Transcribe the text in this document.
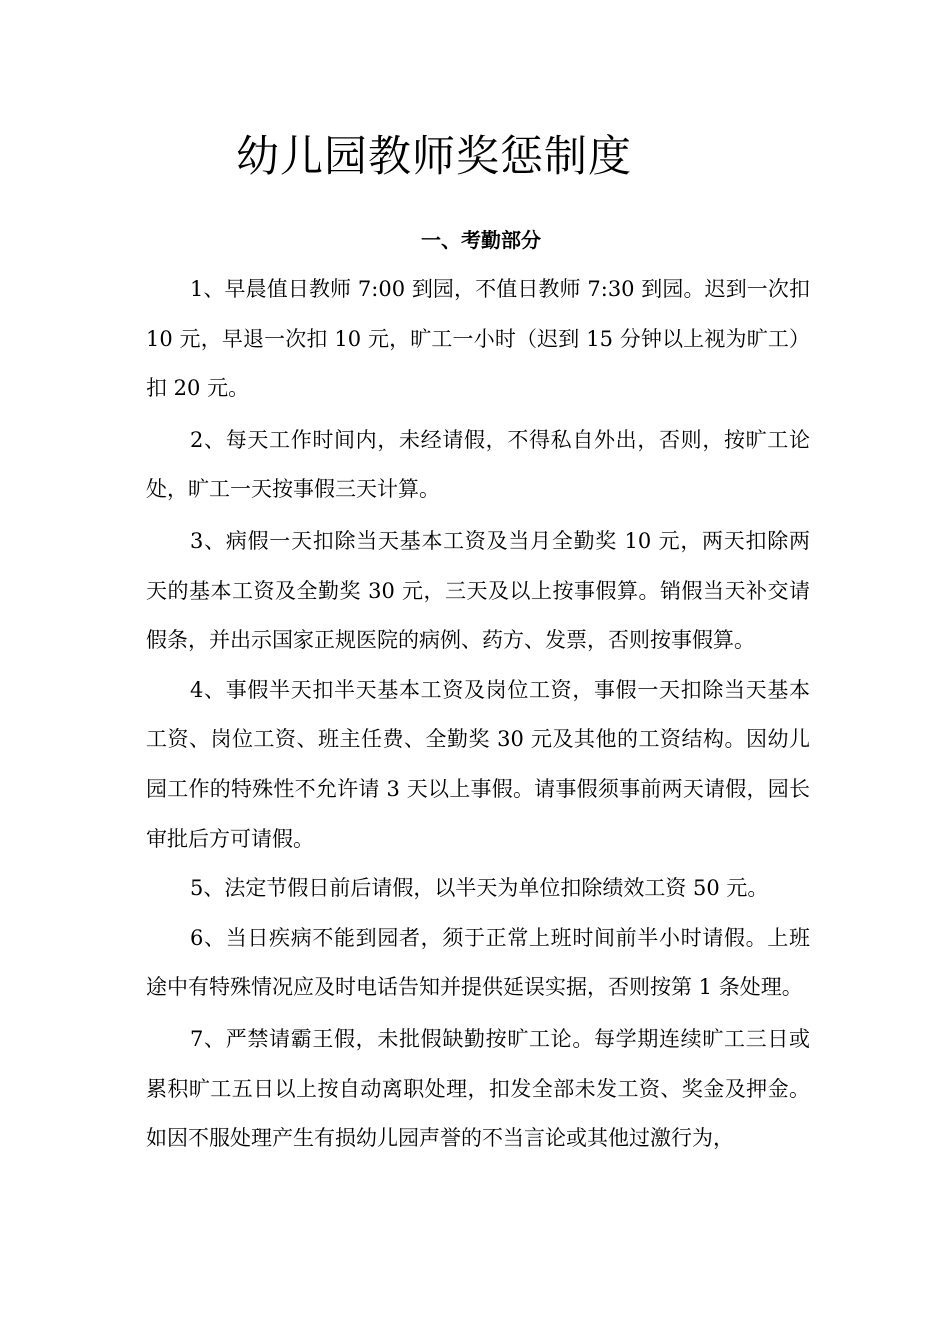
幼儿园教师奖惩制度
一、考勤部分

1、早晨值日教师 7:00 到园，不值日教师 7:30 到园。迟到一次扣 10 元，早退一次扣 10 元，旷工一小时（迟到 15 分钟以上视为旷工）扣 20 元。

2、每天工作时间内，未经请假，不得私自外出，否则，按旷工论处，旷工一天按事假三天计算。

3、病假一天扣除当天基本工资及当月全勤奖 10 元，两天扣除两天的基本工资及全勤奖 30 元，三天及以上按事假算。销假当天补交请假条，并出示国家正规医院的病例、药方、发票，否则按事假算。

4、事假半天扣半天基本工资及岗位工资，事假一天扣除当天基本工资、岗位工资、班主任费、全勤奖 30 元及其他的工资结构。因幼儿园工作的特殊性不允许请 3 天以上事假。请事假须事前两天请假，园长审批后方可请假。

5、法定节假日前后请假，以半天为单位扣除绩效工资 50 元。

6、当日疾病不能到园者，须于正常上班时间前半小时请假。上班途中有特殊情况应及时电话告知并提供延误实据，否则按第 1 条处理。

7、严禁请霸王假，未批假缺勤按旷工论。每学期连续旷工三日或累积旷工五日以上按自动离职处理，扣发全部未发工资、奖金及押金。如因不服处理产生有损幼儿园声誉的不当言论或其他过激行为，
